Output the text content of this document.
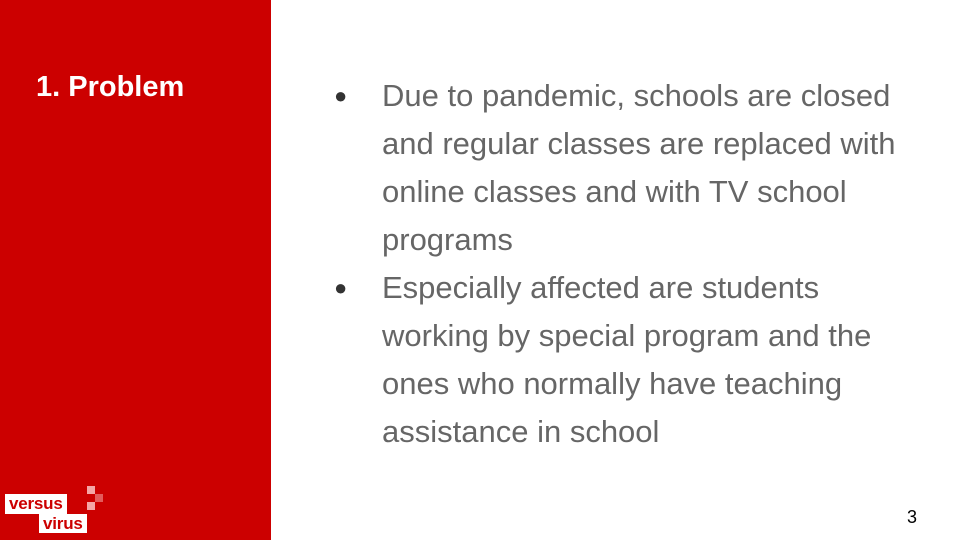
1. Problem
versus
virus
● Due to pandemic, schools are closed and regular classes are replaced with online classes and with TV school programs
● Especially affected are students working by special program and the ones who normally have teaching assistance in school
3
